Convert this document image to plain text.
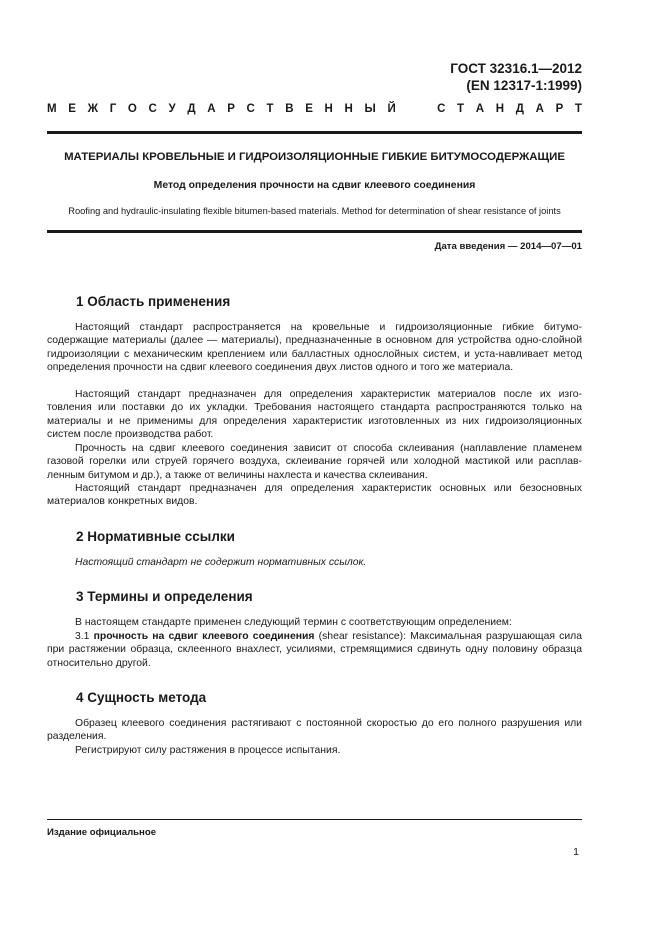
ГОСТ 32316.1—2012
(EN 12317-1:1999)
М Е Ж Г О С У Д А Р С Т В Е Н Н Ы Й	С Т А Н Д А Р Т
МАТЕРИАЛЫ КРОВЕЛЬНЫЕ И ГИДРОИЗОЛЯЦИОННЫЕ ГИБКИЕ БИТУМОСОДЕРЖАЩИЕ
Метод определения прочности на сдвиг клеевого соединения
Roofing and hydraulic-insulating flexible bitumen-based materials. Method for determination of shear resistance of joints
Дата введения — 2014—07—01
1 Область применения

Настоящий стандарт распространяется на кровельные и гидроизоляционные гибкие битумо-содержащие материалы (далее — материалы), предназначенные в основном для устройства одно-слойной гидроизоляции с механическим креплением или балластных однослойных систем, и уста-навливает метод определения прочности на сдвиг клеевого соединения двух листов одного и того же материала.

Настоящий стандарт предназначен для определения характеристик материалов после их изго-товления или поставки до их укладки. Требования настоящего стандарта распространяются только на материалы и не применимы для определения характеристик изготовленных из них гидроизоляционных систем после производства работ.

Прочность на сдвиг клеевого соединения зависит от способа склеивания (наплавление пламенем газовой горелки или струей горячего воздуха, склеивание горячей или холодной мастикой или расплав-ленным битумом и др.), а также от величины нахлеста и качества склеивания.

Настоящий стандарт предназначен для определения характеристик основных или безосновных материалов конкретных видов.

2 Нормативные ссылки

Настоящий стандарт не содержит нормативных ссылок.

3 Термины и определения

В настоящем стандарте применен следующий термин с соответствующим определением:

3.1 прочность на сдвиг клеевого соединения (shear resistance): Максимальная разрушающая сила при растяжении образца, склеенного внахлест, усилиями, стремящимися сдвинуть одну половину образца относительно другой.

4 Сущность метода

Образец клеевого соединения растягивают с постоянной скоростью до его полного разрушения или разделения.

Регистрируют силу растяжения в процессе испытания.

Издание официальное
1
